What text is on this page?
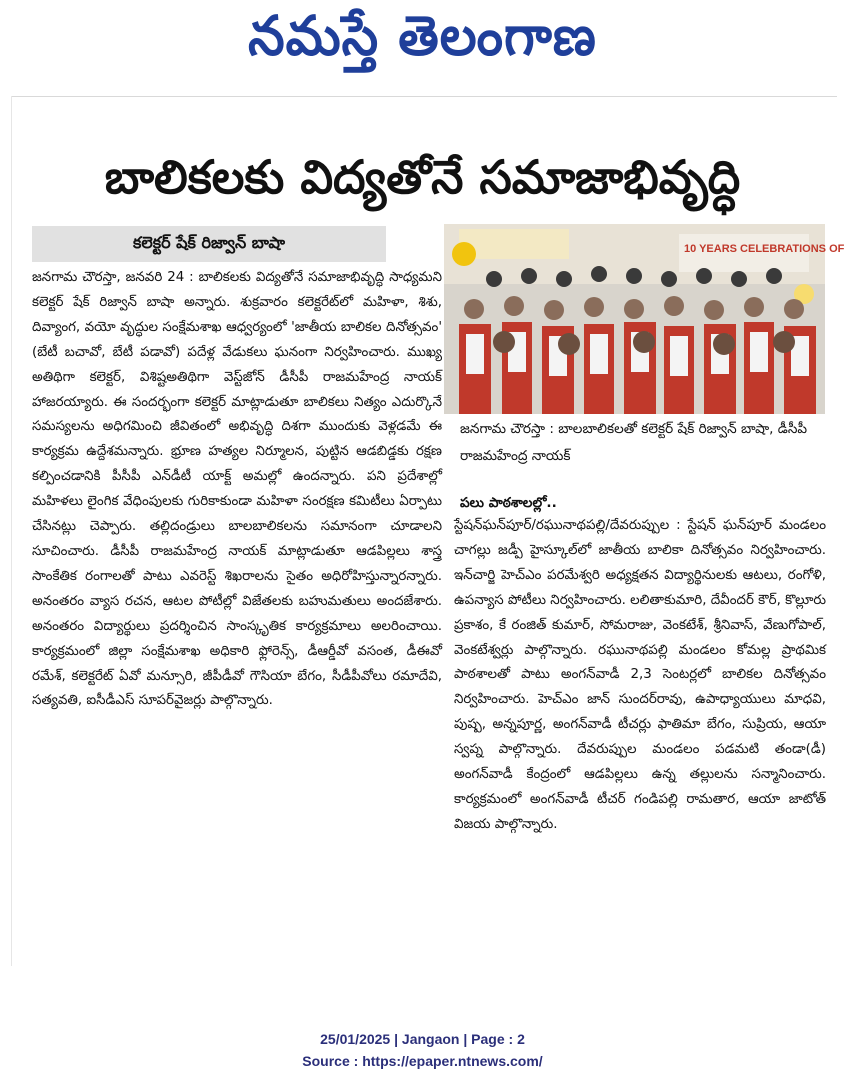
నమస్తే తెలంగాణ
బాలికలకు విద్యతోనే సమాజాభివృద్ధి
కలెక్టర్ షేక్ రిజ్వాన్ బాషా

జనగామ చౌరస్తా, జనవరి 24 : బాలికలకు విద్యతోనే సమాజాభివృద్ధి సాధ్యమని కలెక్టర్ షేక్ రిజ్వాన్ బాషా అన్నారు. శుక్రవారం కలెక్టరేట్‌లో మహిళా, శిశు, దివ్యాంగ, వయో వృద్ధుల సంక్షేమశాఖ ఆధ్వర్యంలో 'జాతీయ బాలికల దినోత్సవం' (బేటీ బచావో, బేటీ పడావో) పదేళ్ల వేడుకలు ఘనంగా నిర్వహించారు. ముఖ్య అతిథిగా కలెక్టర్, విశిష్టఅతిథిగా వెస్ట్‌జోన్ డీసీపీ రాజమహేంద్ర నాయక్ హాజరయ్యారు. ఈ సందర్భంగా కలెక్టర్ మాట్లాడుతూ బాలికలు నిత్యం ఎదుర్కొనే సమస్యలను అధిగమించి జీవితంలో అభివృద్ధి దిశగా ముందుకు వెళ్లడమే ఈ కార్యక్రమ ఉద్దేశమన్నారు. భ్రూణ హత్యల నిర్మూలన, పుట్టిన ఆడబిడ్డకు రక్షణ కల్పించడానికి పీసీపీ ఎన్‌డీటీ యాక్ట్ అమల్లో ఉందన్నారు. పని ప్రదేశాల్లో మహిళలు లైంగిక వేధింపులకు గురికాకుండా మహిళా సంరక్షణ కమిటీలు ఏర్పాటు చేసినట్లు చెప్పారు. తల్లిదండ్రులు బాలబాలికలను సమానంగా చూడాలని సూచించారు. డీసీపీ రాజమహేంద్ర నాయక్ మాట్లాడుతూ ఆడపిల్లలు శాస్త్ర సాంకేతిక రంగాలతో పాటు ఎవరెస్ట్ శిఖరాలను సైతం అధిరోహిస్తున్నారన్నారు. అనంతరం వ్యాస రచన, ఆటల పోటీల్లో విజేతలకు బహుమతులు అందజేశారు. అనంతరం విద్యార్థులు ప్రదర్శించిన సాంస్కృతిక కార్యక్రమాలు అలరించాయి. కార్యక్రమంలో జిల్లా సంక్షేమశాఖ అధికారి ఫ్లోరెన్స్, డీఆర్డీవో వసంత, డీఈవో రమేశ్, కలెక్టరేట్ ఏవో మన్సూరి, జీపీడీవో గౌసియా బేగం, సీడీపీవోలు రమాదేవి, సత్యవతి, ఐసీడీఎస్ సూపర్‌వైజర్లు పాల్గొన్నారు.

10 YEARS CELEBRATIONS OF
జనగామ చౌరస్తా : బాలబాలికలతో కలెక్టర్ షేక్ రిజ్వాన్ బాషా, డీసీపీ రాజమహేంద్ర నాయక్
పలు పాఠశాలల్లో..

స్టేషన్‌ఘన్‌పూర్/రఘునాథపల్లి/దేవరుప్పుల : స్టేషన్ ఘన్‌పూర్ మండలం చాగల్లు జడ్పీ హైస్కూల్‌లో జాతీయ బాలికా దినోత్సవం నిర్వహించారు. ఇన్‌చార్జి హెచ్‌ఎం పరమేశ్వరి అధ్యక్షతన విద్యార్థినులకు ఆటలు, రంగోళి, ఉపన్యాస పోటీలు నిర్వహించారు. లలితాకుమారి, దేవీందర్ కౌర్, కొల్లూరు ప్రకాశం, కే రంజిత్ కుమార్, సోమరాజు, వెంకటేశ్, శ్రీనివాస్, వేణుగోపాల్, వెంకటేశ్వర్లు పాల్గొన్నారు. రఘునాథపల్లి మండలం కోమల్ల ప్రాథమిక పాఠశాలతో పాటు అంగన్‌వాడీ 2,3 సెంటర్లలో బాలికల దినోత్సవం నిర్వహించారు. హెచ్‌ఎం జాన్ సుందర్‌రావు, ఉపాధ్యాయులు మాధవి, పుష్ప, అన్నపూర్ణ, అంగన్‌వాడీ టీచర్లు ఫాతిమా బేగం, సుప్రియ, ఆయా స్వప్న పాల్గొన్నారు. దేవరుప్పుల మండలం పడమటి తండా(డీ) అంగన్‌వాడీ కేంద్రంలో ఆడపిల్లలు ఉన్న తల్లులను సన్మానించారు. కార్యక్రమంలో అంగన్‌వాడీ టీచర్ గండిపల్లి రామతార, ఆయా జాటోత్ విజయ పాల్గొన్నారు.

25/01/2025 | Jangaon | Page : 2
Source : https://epaper.ntnews.com/
